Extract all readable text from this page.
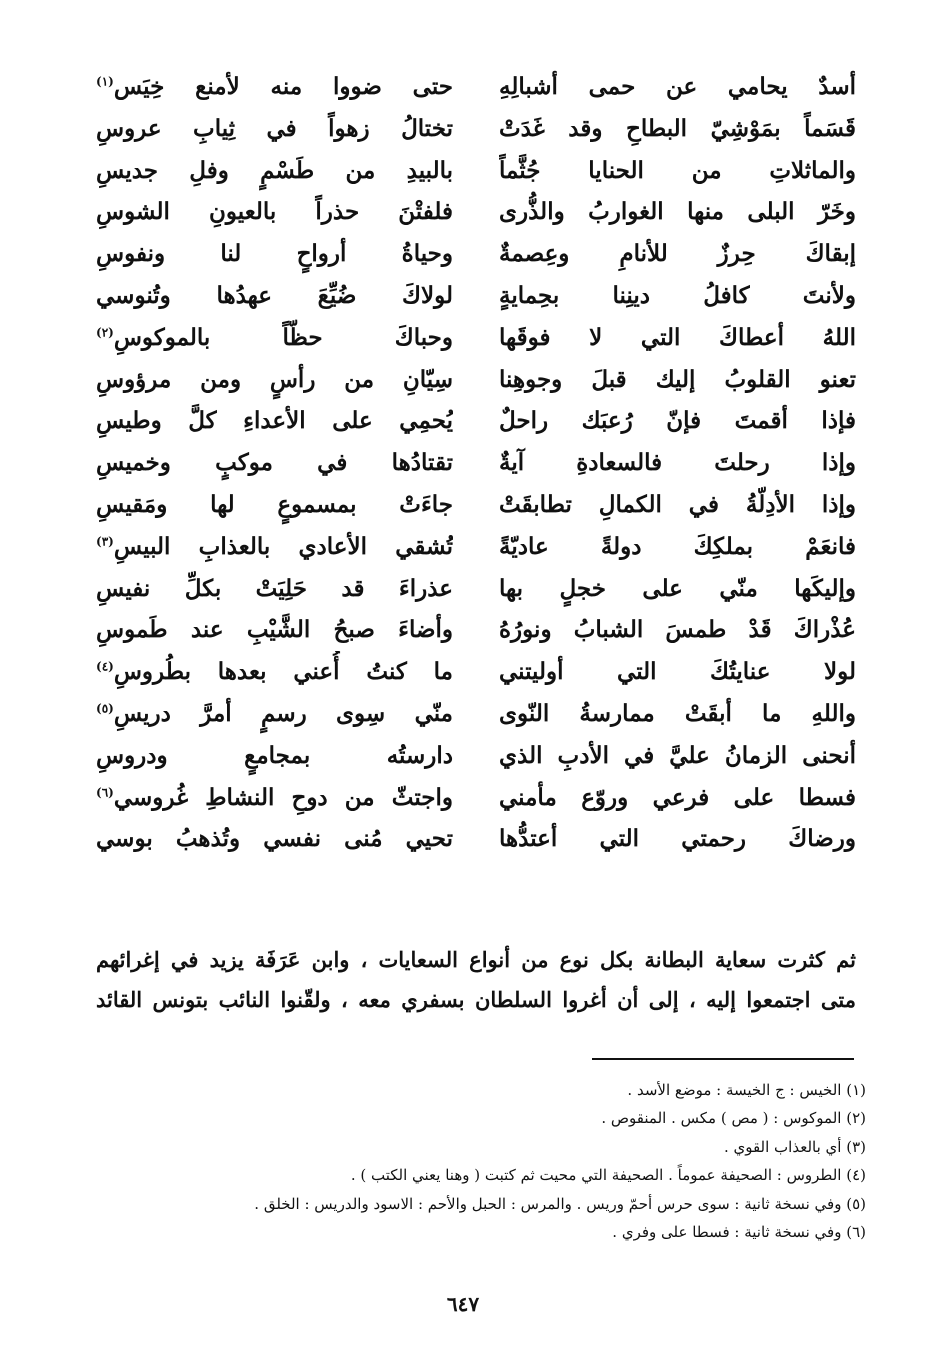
أسدٌ يحامي عن حمى أشبالِهِ
حتى ضووا منه لأمنع خِيَس$^{(١)}$
قَسَماً بمَوْشِيّ البطاحِ وقد غَدَتْ
تختالُ زهواً في ثِيابِ عروسِ
والماثلاتِ من الحنايا جُثَّماً
بالبيدِ من طَسْمٍ وفلِ جديسِ
وخَرّ البلى منها الغواربُ والذُّرى
فلفتْنَ حذراً بالعيونِ الشوسِ
إبقاكَ حِرزٌ للأنامِ وعِصمةٌ
وحياةُ أرواحٍ لنا ونفوسِ
ولأنتَ كافلُ دينِنا بحِمايةٍ
لولاكَ ضُيِّعَ عهدُها وتُنوسي
اللهُ أعطاكَ التي لا فوقَها
وحباكَ حظّاً بالموكوسِ$^{(٢)}$
تعنو القلوبُ إليك قبلَ وجوهِنا
سِيّانِ من رأسٍ ومن مرؤوسِ
فإذا أقمتَ فإنّ رُعبَك راحلٌ
يُحمِي على الأعداءِ كلَّ وطيسِ
وإذا رحلتَ فالسعادةِ آيةٌ
تقتادُها في موكبٍ وخميسِ
وإذا الأدِلّةُ في الكمالِ تطابقَتْ
جاءَتْ بمسموعٍ لها ومَقيسِ
فانعَمْ بملكِكَ دولةً عاديّةً
تُشقي الأعادي بالعذابِ البيسِ$^{(٣)}$
وإليكَها منّي على خجلٍ بها
عذراءَ قد حَلِيَتْ بكلِّ نفيسِ
عُذْراكَ قَدْ طمسَ الشبابُ ونورُهُ
وأضاءَ صبحُ الشَّيْبِ عند طَموسِ
لولا عنايتُكَ التي أوليتني
ما كنتُ أُعني بعدها بطُروسِ$^{(٤)}$
واللهِ ما أبقَتْ ممارسةُ النّوى
منّي سِوى رسمٍ أمرَّ دريسِ$^{(٥)}$
أنحنى الزمانُ عليَّ في الأدبِ الذي
دارستُه بمجامعٍ ودروسِ
فسطا على فرعي وروّع مأمني
واجتثّ من دوحِ النشاطِ غُروسي$^{(٦)}$
ورضاكَ رحمتي التي أعتدُّها
تحيي مُنى نفسي وتُذهبُ بوسي

ثم كثرت سعاية البطانة بكل نوع من أنواع السعايات ، وابن عَرَفَة يزيد في إغرائهم

متى اجتمعوا إليه ، إلى أن أغروا السلطان بسفري معه ، ولقّنوا النائب بتونس القائد

(١) الخيس : ج الخيسة : موضع الأسد .

(٢) الموكوس : ( مص ) مكس . المنقوص .

(٣) أي بالعذاب القوي .

(٤) الطروس : الصحيفة عموماً . الصحيفة التي محيت ثم كتبت ( وهنا يعني الكتب ) .

(٥) وفي نسخة ثانية : سوى حرس أحمّ وريس . والمرس : الحبل والأحم : الاسود والدريس : الخلق .

(٦) وفي نسخة ثانية : فسطا على وفري .

٦٤٧
